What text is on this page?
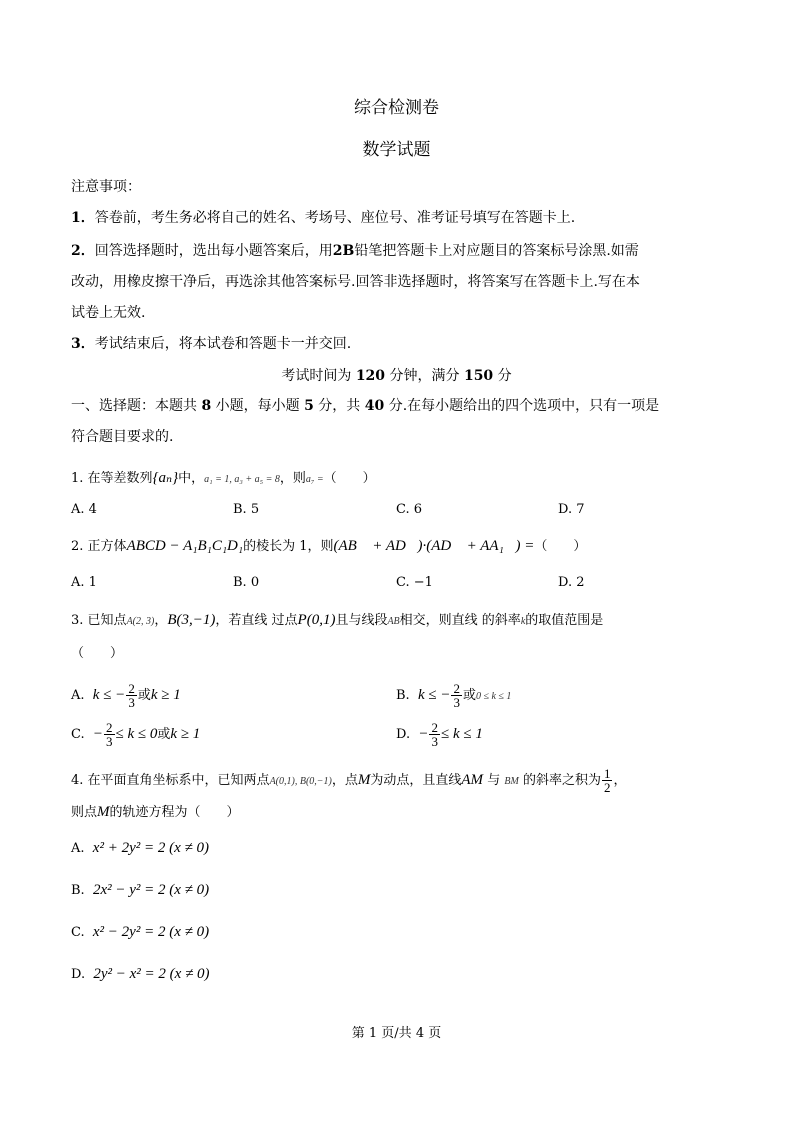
综合检测卷
数学试题
注意事项：
1．答卷前，考生务必将自己的姓名、考场号、座位号、准考证号填写在答题卡上.
2．回答选择题时，选出每小题答案后，用2B铅笔把答题卡上对应题目的答案标号涂黑.如需
改动，用橡皮擦干净后，再选涂其他答案标号.回答非选择题时，将答案写在答题卡上.写在本
试卷上无效.
3．考试结束后，将本试卷和答题卡一并交回.
考试时间为 120 分钟，满分 150 分
一、选择题：本题共 8 小题，每小题 5 分，共 40 分.在每小题给出的四个选项中，只有一项是
符合题目要求的.
1. 在等差数列{aₙ}中，a₁ = 1, a₃ + a₅ = 8，则a₇ =（　　）
A. 4	B. 5	C. 6	D. 7
2. 正方体ABCD − A₁B₁C₁D₁的棱长为 1，则(AB⃗ + AD⃗)·(AD⃗ + AA₁⃗) =（　　）
A. 1	B. 0	C. −1	D. 2
3. 已知点A(2, 3)，B(3,−1)，若直线 过点P(0,1)且与线段AB相交，则直线 的斜率k的取值范围是
（　　）
A. k ≤ − $\frac{2}{3}$ 或k ≥ 1	B. k ≤ − $\frac{2}{3}$ 或0 ≤ k ≤ 1
C. − $\frac{2}{3} \le k \le 0$或k ≥ 1	D. − $\frac{2}{3} \le k \le 1$
4. 在平面直角坐标系中，已知两点A(0,1), B(0,−1)，点M为动点，且直线AM 与 BM 的斜率之积为 $\frac{1}{2}$ ，
则点M的轨迹方程为（　　）
A. x² + 2y² = 2 (x ≠ 0)
B. 2x² − y² = 2 (x ≠ 0)
C. x² − 2y² = 2 (x ≠ 0)
D. 2y² − x² = 2 (x ≠ 0)
第 1 页/共 4 页
